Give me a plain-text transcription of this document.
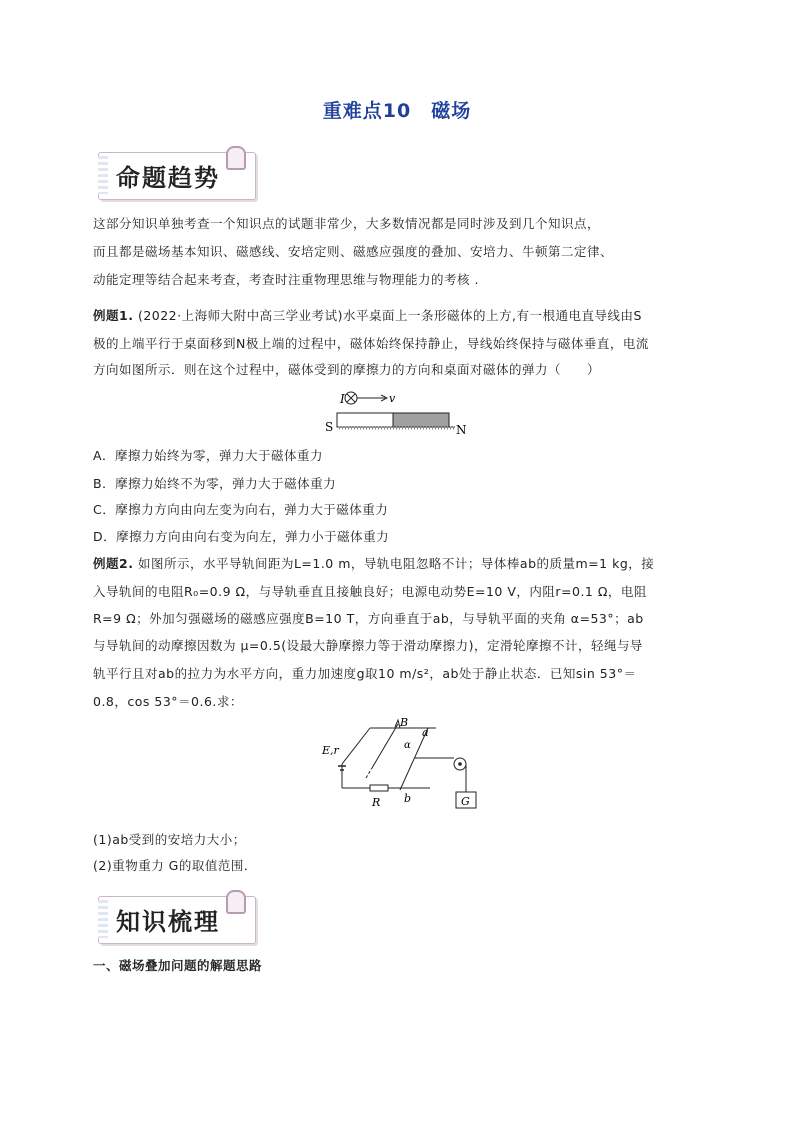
重难点10　磁场
命题趋势
这部分知识单独考查一个知识点的试题非常少，大多数情况都是同时涉及到几个知识点，
而且都是磁场基本知识、磁感线、安培定则、磁感应强度的叠加、安培力、牛顿第二定律、
动能定理等结合起来考查，考查时注重物理思维与物理能力的考核 .
例题1. (2022·上海师大附中高三学业考试)水平桌面上一条形磁体的上方,有一根通电直导线由S
极的上端平行于桌面移到N极上端的过程中，磁体始终保持静止，导线始终保持与磁体垂直，电流
方向如图所示．则在这个过程中，磁体受到的摩擦力的方向和桌面对磁体的弹力（　　）
I	v
S	N
A．摩擦力始终为零，弹力大于磁体重力
B．摩擦力始终不为零，弹力大于磁体重力
C．摩擦力方向由向左变为向右，弹力大于磁体重力
D．摩擦力方向由向右变为向左，弹力小于磁体重力
例题2. 如图所示，水平导轨间距为L=1.0 m，导轨电阻忽略不计；导体棒ab的质量m=1 kg，接
入导轨间的电阻R₀=0.9 Ω，与导轨垂直且接触良好；电源电动势E=10 V，内阻r=0.1 Ω，电阻
R=9 Ω；外加匀强磁场的磁感应强度B=10 T，方向垂直于ab，与导轨平面的夹角 α=53°；ab
与导轨间的动摩擦因数为 μ=0.5(设最大静摩擦力等于滑动摩擦力)，定滑轮摩擦不计，轻绳与导
轨平行且对ab的拉力为水平方向，重力加速度g取10 m/s²，ab处于静止状态．已知sin 53°＝
0.8，cos 53°＝0.6.求：
E,r
R
B
α
a
b	G
(1)ab受到的安培力大小；
(2)重物重力 G的取值范围．
知识梳理
一、磁场叠加问题的解题思路
